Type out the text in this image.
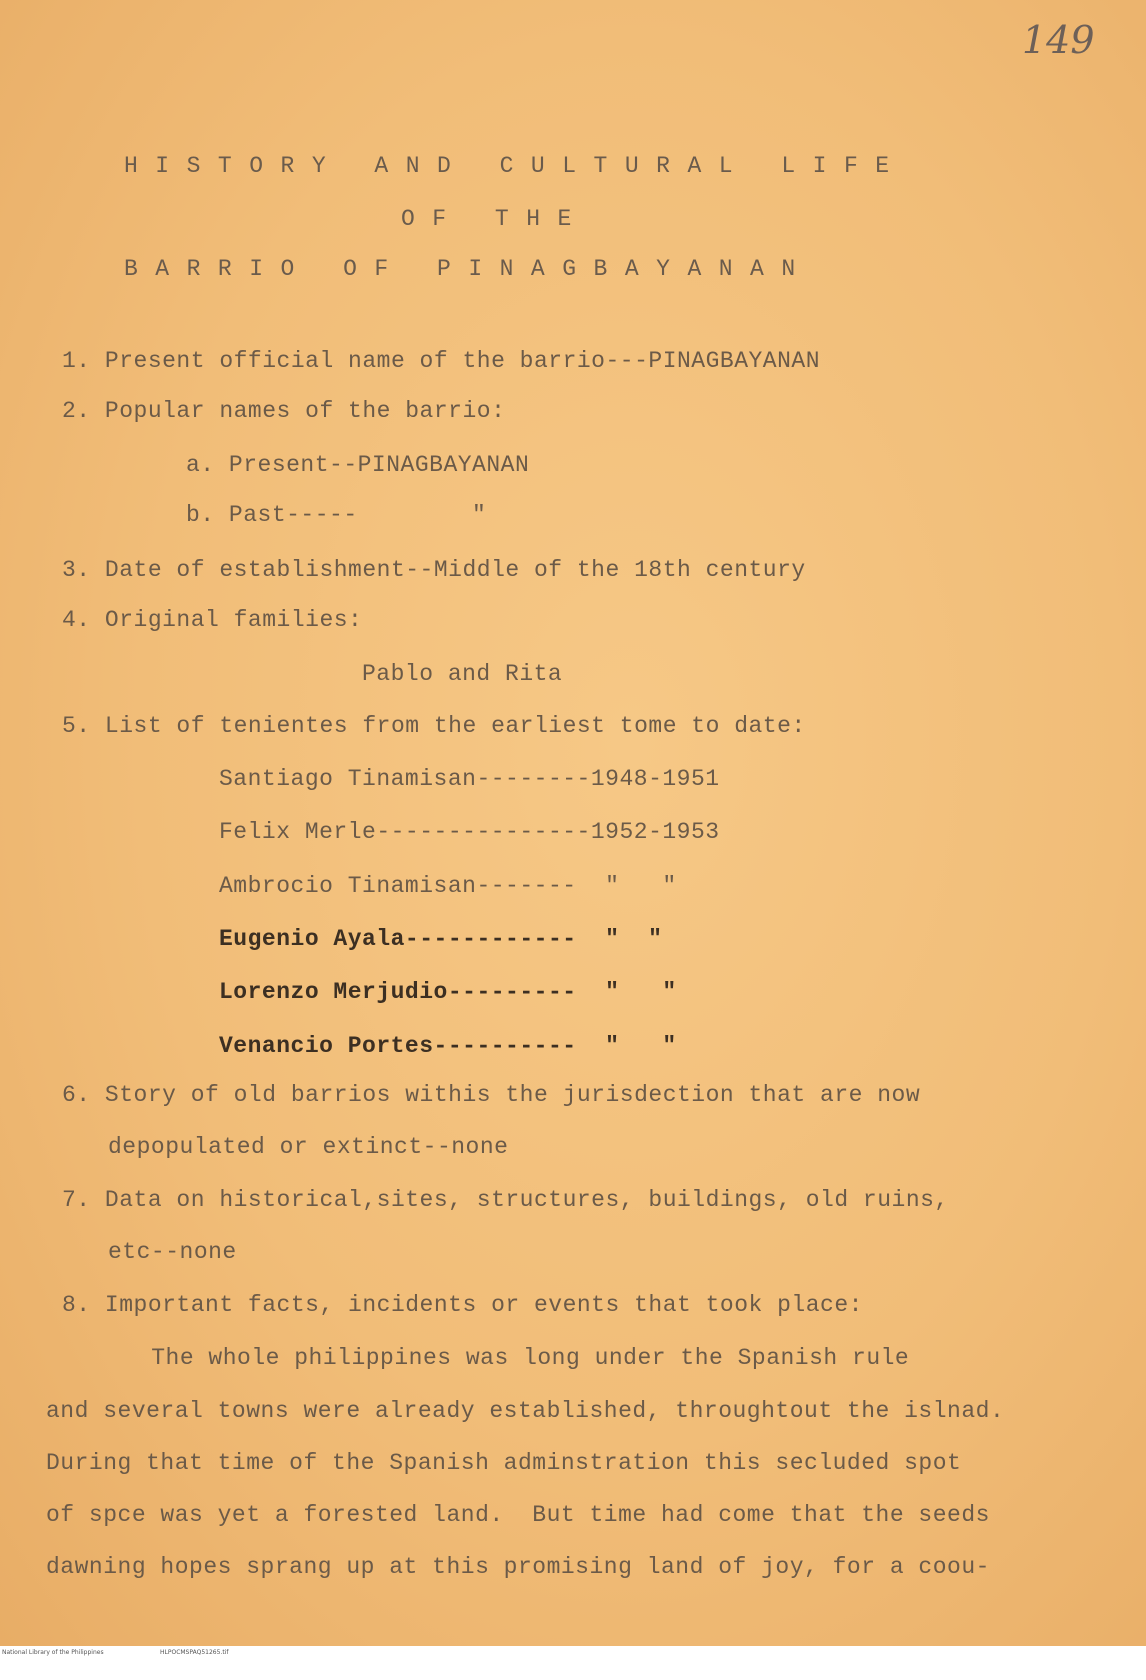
149
HISTORY AND CULTURAL LIFE
OF THE
BARRIO OF PINAGBAYANAN
1. Present official name of the barrio---PINAGBAYANAN
2. Popular names of the barrio:
a. Present--PINAGBAYANAN
b. Past-----        "
3. Date of establishment--Middle of the 18th century
4. Original families:
Pablo and Rita
5. List of tenientes from the earliest tome to date:
Santiago Tinamisan--------1948-1951
Felix Merle---------------1952-1953
Ambrocio Tinamisan-------  "   "
Eugenio Ayala------------  "  "
Lorenzo Merjudio---------  "   "
Venancio Portes----------  "   "
6. Story of old barrios withis the jurisdection that are now
depopulated or extinct--none
7. Data on historical,sites, structures, buildings, old ruins,
etc--none
8. Important facts, incidents or events that took place:
The whole philippines was long under the Spanish rule
and several towns were already established, throughtout the islnad.
During that time of the Spanish adminstration this secluded spot
of spce was yet a forested land.  But time had come that the seeds
dawning hopes sprang up at this promising land of joy, for a coou-

National Library of the Philippines

	HLPOCMSPAQ51265.tif
